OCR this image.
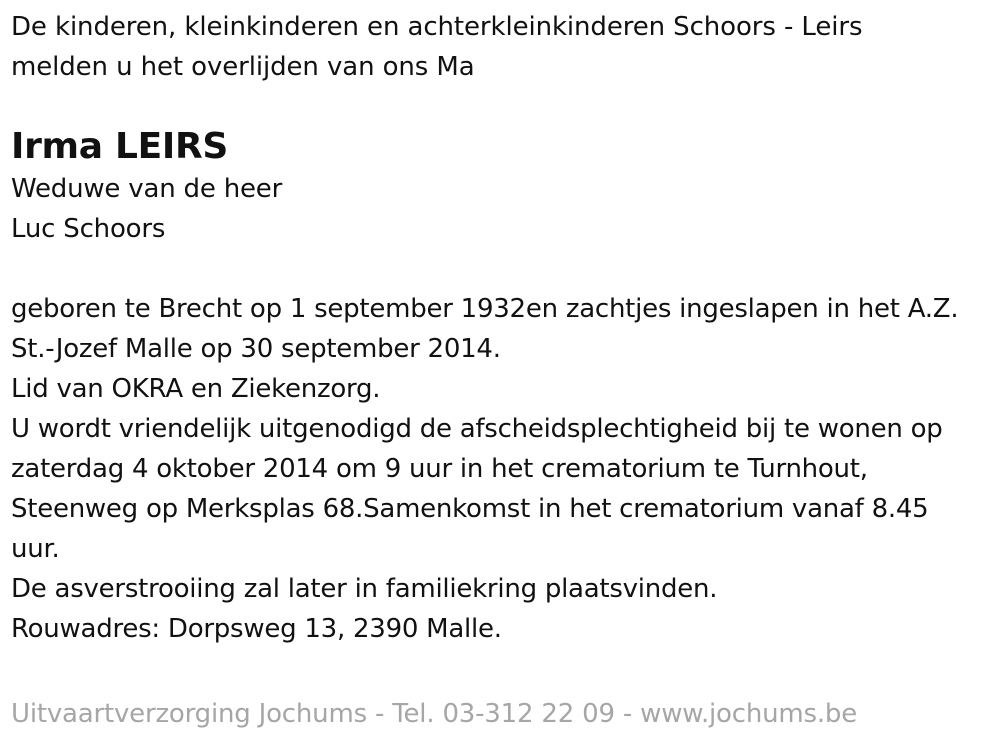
De kinderen, kleinkinderen en achterkleinkinderen Schoors - Leirs
melden u het overlijden van ons Ma
Irma LEIRS
Weduwe van de heer
Luc Schoors
geboren te Brecht op 1 september 1932en zachtjes ingeslapen in het A.Z.
St.-Jozef Malle op 30 september 2014.
Lid van OKRA en Ziekenzorg.
U wordt vriendelijk uitgenodigd de afscheidsplechtigheid bij te wonen op
zaterdag 4 oktober 2014 om 9 uur in het crematorium te Turnhout,
Steenweg op Merksplas 68.Samenkomst in het crematorium vanaf 8.45
uur.
De asverstrooiing zal later in familiekring plaatsvinden.
Rouwadres: Dorpsweg 13, 2390 Malle.
Uitvaartverzorging Jochums - Tel. 03-312 22 09 - www.jochums.be
